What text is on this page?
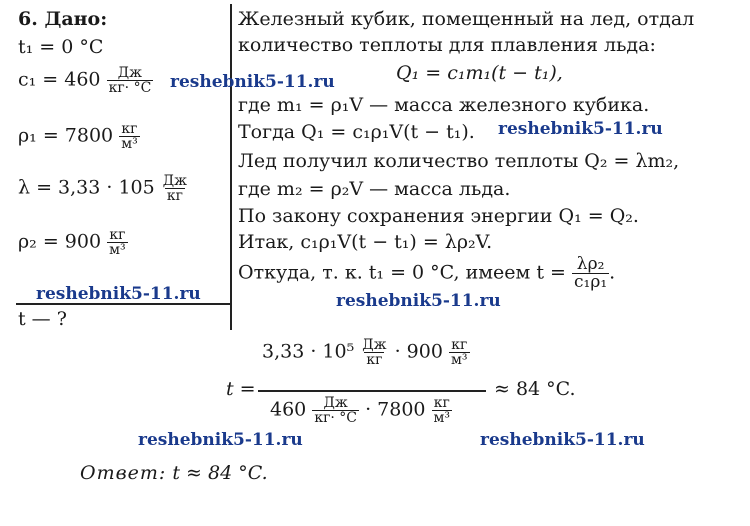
6. Дано:
t₁ = 0 °C
$c_1 = 460 \frac{Дж}{кг\cdot ^\circ C}$
$\rho_1 = 7800 \frac{кг}{\text{м³}}$
$\lambda = 3,33 \cdot 105 \frac{Дж}{кг}$
$\rho_2 = 900 \frac{кг}{\text{м³}}$
t — ?
Железный кубик, помещенный на лед, отдал
количество теплоты для плавления льда:
Q₁ = c₁m₁(t − t₁),
где m₁ = ρ₁V — масса железного кубика.
Тогда Q₁ = c₁ρ₁V(t − t₁).
Лед получил количество теплоты Q₂ = λm₂,
где m₂ = ρ₂V — масса льда.
По закону сохранения энергии Q₁ = Q₂.
Итак, c₁ρ₁V(t − t₁) = λρ₂V.
Откуда, т. к. t₁ = 0 °C, имеем $t = \frac{\text{λρ₂}}{\text{c₁ρ₁}}$ .
t =
$3,33 \cdot 10^5 \frac{Дж}{кг} \cdot 900 \frac{кг}{\text{м³}}$
$460 \frac{Дж}{кг\cdot ^\circ C} \cdot 7800 \frac{кг}{\text{м³}}$
≈ 84 °C.
Ответ: t ≈ 84 °C.
reshebnik5-11.ru
reshebnik5-11.ru
reshebnik5-11.ru	reshebnik5-11.ru
reshebnik5-11.ru	reshebnik5-11.ru
